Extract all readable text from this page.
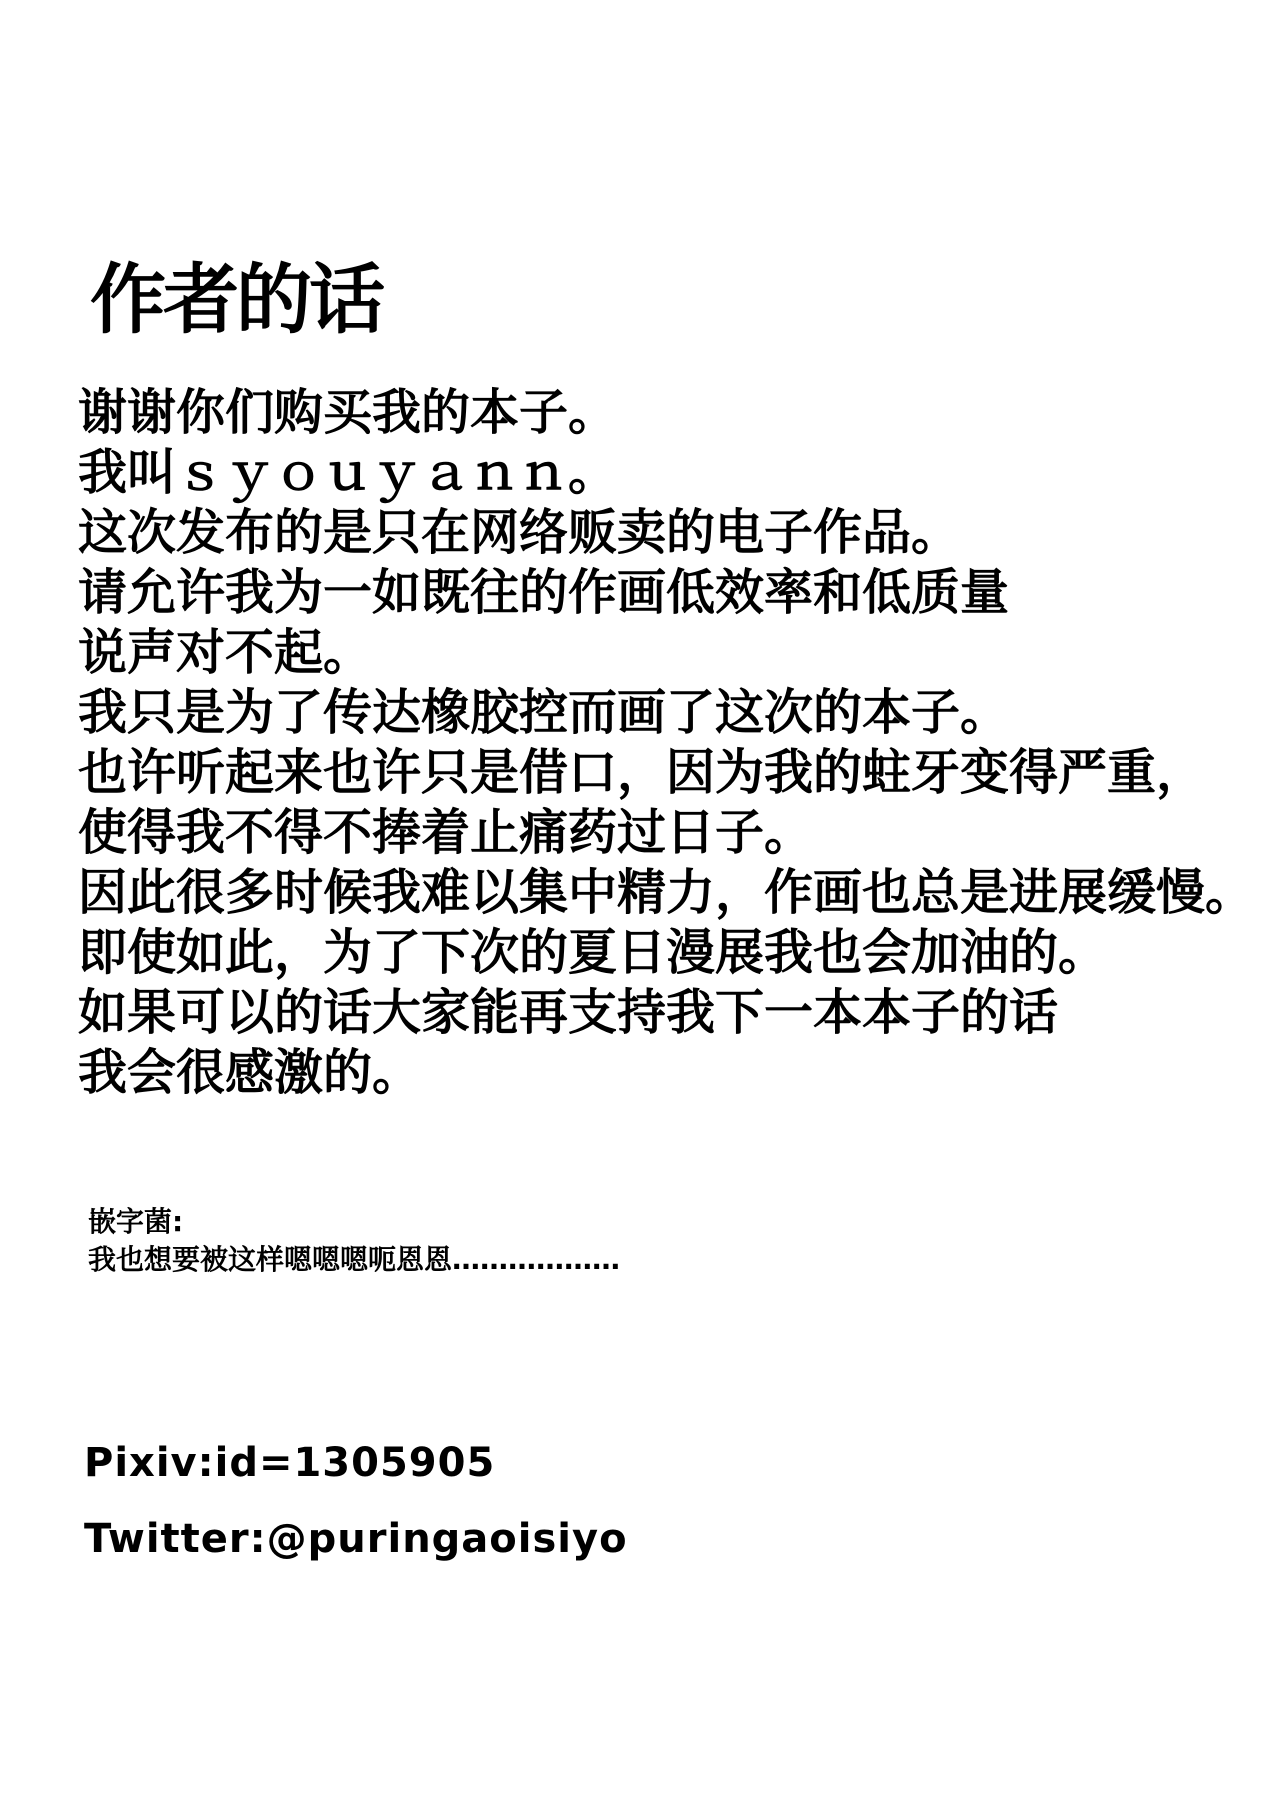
作者的话
谢谢你们购买我的本子。
我叫ｓｙｏｕｙａｎｎ。
这次发布的是只在网络贩卖的电子作品。
请允许我为一如既往的作画低效率和低质量
说声对不起。
我只是为了传达橡胶控而画了这次的本子。
也许听起来也许只是借口，因为我的蛀牙变得严重，
使得我不得不捧着止痛药过日子。
因此很多时候我难以集中精力，作画也总是进展缓慢。
即使如此，为了下次的夏日漫展我也会加油的。
如果可以的话大家能再支持我下一本本子的话
我会很感激的。
嵌字菌:
我也想要被这样嗯嗯嗯呃恩恩………………
Pixiv:id=1305905
Twitter:@puringaoisiyo
